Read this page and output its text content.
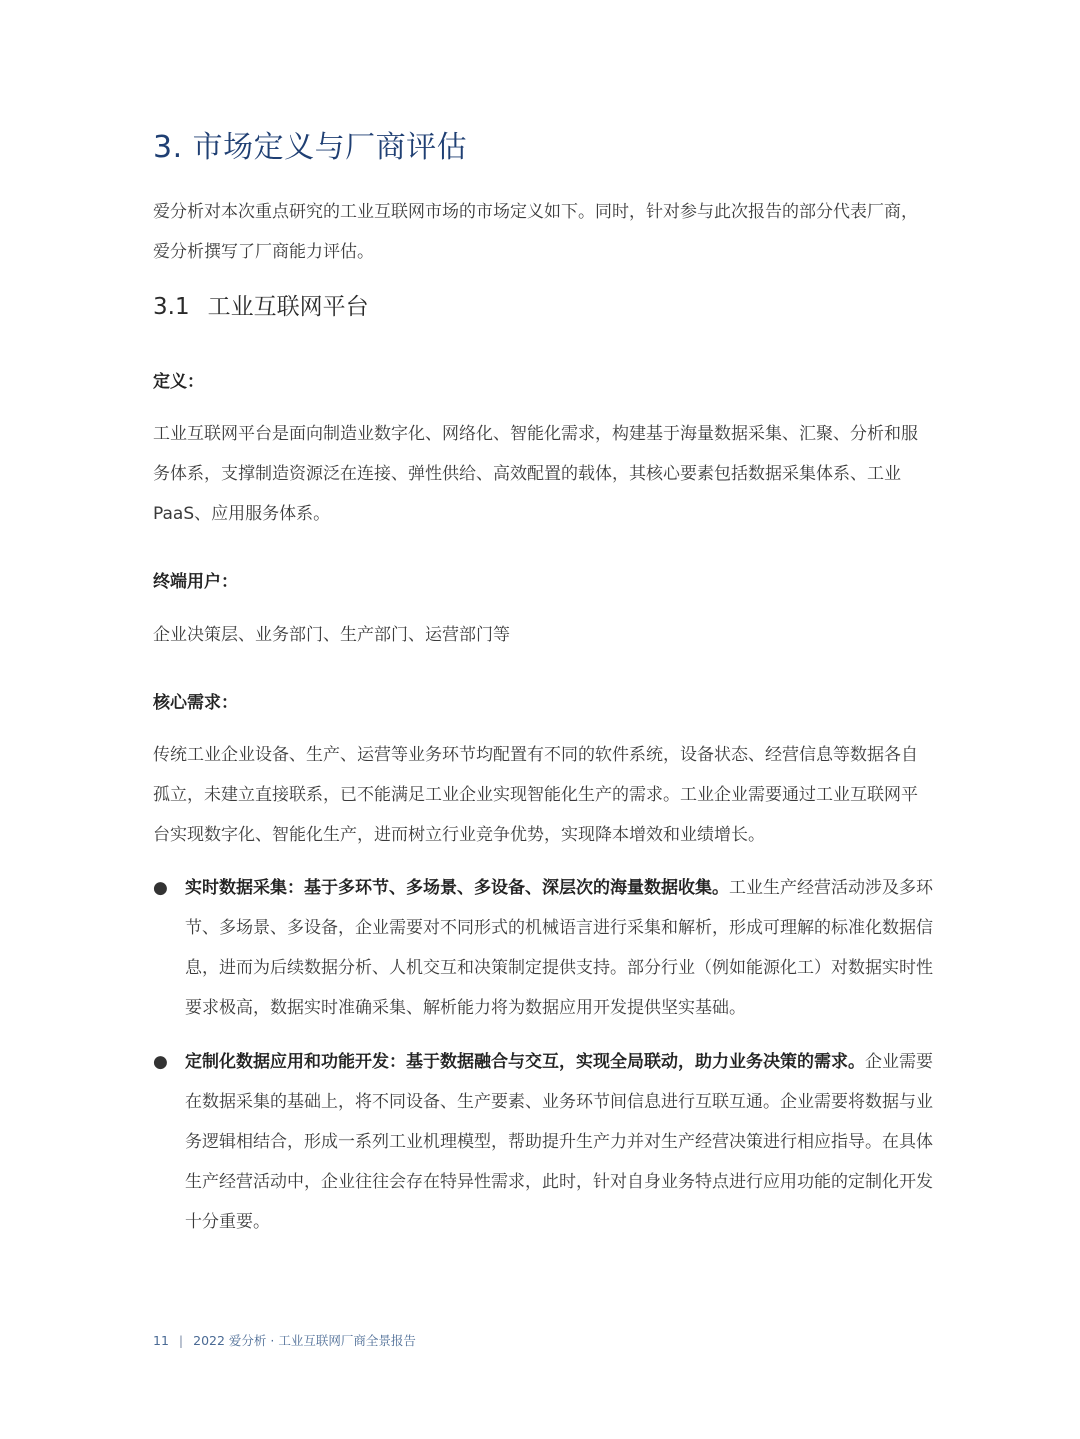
3. 市场定义与厂商评估
爱分析对本次重点研究的工业互联网市场的市场定义如下。同时，针对参与此次报告的部分代表厂商，爱分析撰写了厂商能力评估。
3.1 工业互联网平台
定义：
工业互联网平台是面向制造业数字化、网络化、智能化需求，构建基于海量数据采集、汇聚、分析和服务体系，支撑制造资源泛在连接、弹性供给、高效配置的载体，其核心要素包括数据采集体系、工业 PaaS、应用服务体系。
终端用户：
企业决策层、业务部门、生产部门、运营部门等
核心需求：
传统工业企业设备、生产、运营等业务环节均配置有不同的软件系统，设备状态、经营信息等数据各自孤立，未建立直接联系，已不能满足工业企业实现智能化生产的需求。工业企业需要通过工业互联网平台实现数字化、智能化生产，进而树立行业竞争优势，实现降本增效和业绩增长。
● 实时数据采集：基于多环节、多场景、多设备、深层次的海量数据收集。工业生产经营活动涉及多环节、多场景、多设备，企业需要对不同形式的机械语言进行采集和解析，形成可理解的标准化数据信息，进而为后续数据分析、人机交互和决策制定提供支持。部分行业（例如能源化工）对数据实时性要求极高，数据实时准确采集、解析能力将为数据应用开发提供坚实基础。
● 定制化数据应用和功能开发：基于数据融合与交互，实现全局联动，助力业务决策的需求。企业需要在数据采集的基础上，将不同设备、生产要素、业务环节间信息进行互联互通。企业需要将数据与业务逻辑相结合，形成一系列工业机理模型，帮助提升生产力并对生产经营决策进行相应指导。在具体生产经营活动中，企业往往会存在特异性需求，此时，针对自身业务特点进行应用功能的定制化开发十分重要。
11 | 2022 爱分析 · 工业互联网厂商全景报告
